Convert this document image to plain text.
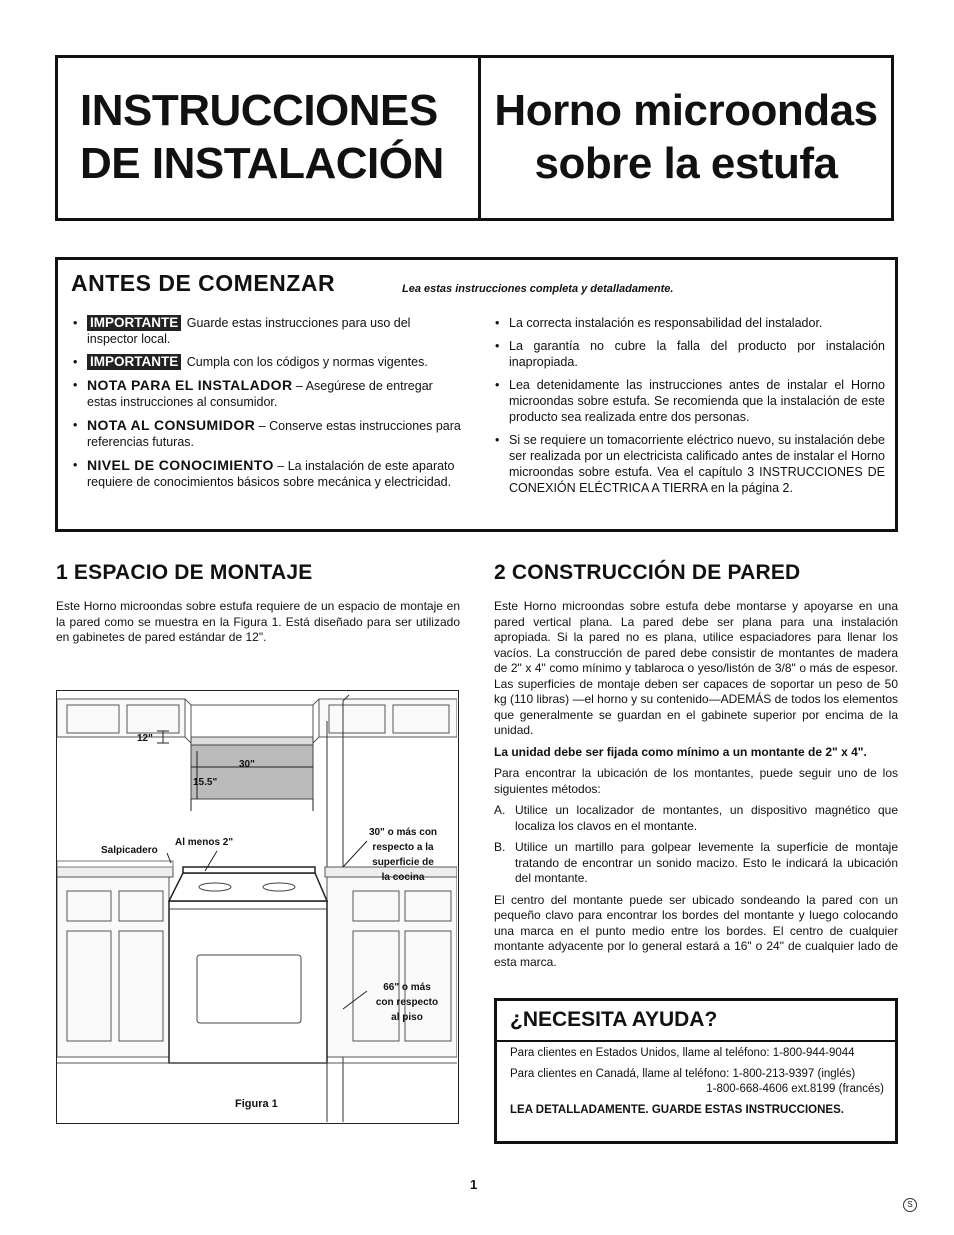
INSTRUCCIONES

DE INSTALACIÓN

Horno microondas

sobre la estufa

ANTES DE COMENZAR	Lea estas instrucciones completa y detalladamente.
• IMPORTANTE Guarde estas instrucciones para uso del inspector local.
• IMPORTANTE Cumpla con los códigos y normas vigentes.
• NOTA PARA EL INSTALADOR – Asegúrese de entregar estas instrucciones al consumidor.
• NOTA AL CONSUMIDOR – Conserve estas instrucciones para referencias futuras.
• NIVEL DE CONOCIMIENTO – La instalación de este aparato requiere de conocimientos básicos sobre mecánica y electricidad.
• La correcta instalación es responsabilidad del instalador.
• La garantía no cubre la falla del producto por instalación inapropiada.
• Lea detenidamente las instrucciones antes de instalar el Horno microondas sobre estufa. Se recomienda que la instalación de este producto sea realizada entre dos personas.
• Si se requiere un tomacorriente eléctrico nuevo, su instalación debe ser realizada por un electricista calificado antes de instalar el Horno microondas sobre estufa. Vea el capítulo 3 INSTRUCCIONES DE CONEXIÓN ELÉCTRICA A TIERRA en la página 2.
1 ESPACIO DE MONTAJE
Este Horno microondas sobre estufa requiere de un espacio de montaje en la pared como se muestra en la Figura 1. Está diseñado para ser utilizado en gabinetes de pared estándar de 12".
12"
30"
15.5"
Salpicadero
Al menos 2"
30" o más con
respecto a la
superficie de
la cocina
66" o más
con respecto
al piso
Figura 1
2 CONSTRUCCIÓN DE PARED
Este Horno microondas sobre estufa debe montarse y apoyarse en una pared vertical plana. La pared debe ser plana para una instalación apropiada. Si la pared no es plana, utilice espaciadores para llenar los vacíos. La construcción de pared debe consistir de montantes de madera de 2" x 4" como mínimo y tablaroca o yeso/listón de 3/8" o más de espesor. Las superficies de montaje deben ser capaces de soportar un peso de 50 kg (110 libras) —el horno y su contenido—ADEMÁS de todos los elementos que generalmente se guardan en el gabinete superior por encima de la unidad.
La unidad debe ser fijada como mínimo a un montante de 2" x 4".
Para encontrar la ubicación de los montantes, puede seguir uno de los siguientes métodos:
A. Utilice un localizador de montantes, un dispositivo magnético que localiza los clavos en el montante.
B. Utilice un martillo para golpear levemente la superficie de montaje tratando de encontrar un sonido macizo. Esto le indicará la ubicación del montante.
El centro del montante puede ser ubicado sondeando la pared con un pequeño clavo para encontrar los bordes del montante y luego colocando una marca en el punto medio entre los bordes. El centro de cualquier montante adyacente por lo general estará a 16" o 24" de cualquier lado de esta marca.
¿NECESITA AYUDA?
Para clientes en Estados Unidos, llame al teléfono: 1-800-944-9044
Para clientes en Canadá, llame al teléfono: 1-800-213-9397 (inglés)
1-800-668-4606 ext.8199 (francés)
LEA DETALLADAMENTE. GUARDE ESTAS INSTRUCCIONES.
1
S
